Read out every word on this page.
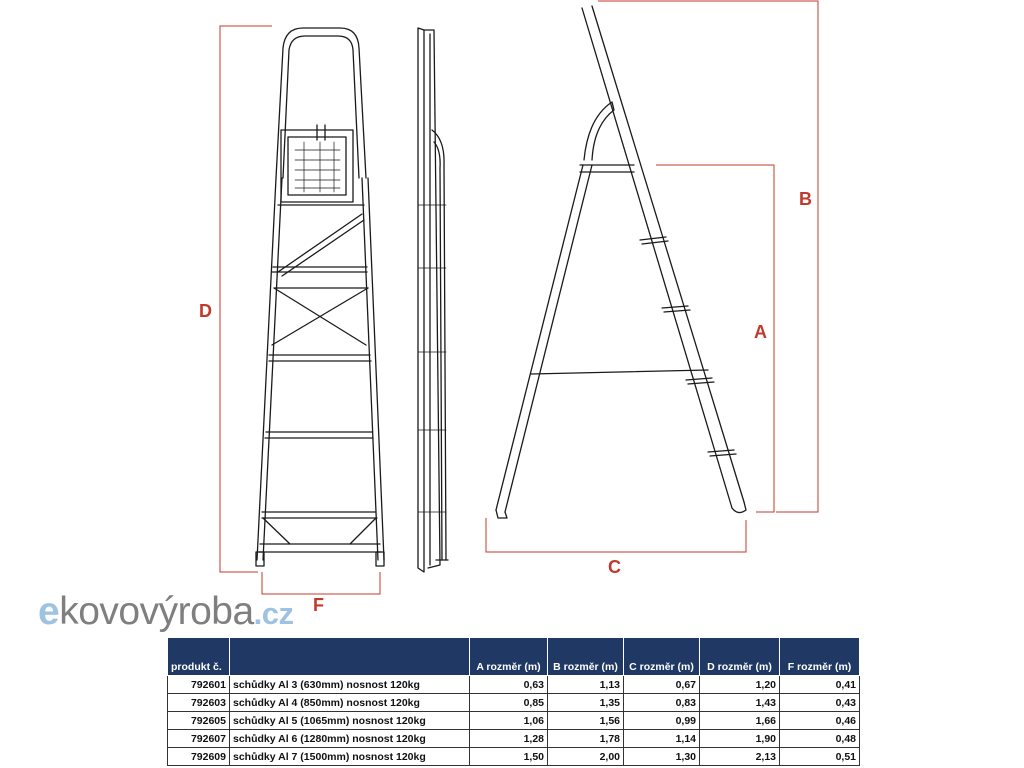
D
F
C
A
B
ekovovýroba.cz
produkt č.		A rozměr (m)	B rozměr (m)	C rozměr (m)	D rozměr (m)	F rozměr (m)
792601	schůdky Al 3 (630mm) nosnost 120kg	0,63	1,13	0,67	1,20	0,41
792603	schůdky Al 4 (850mm) nosnost 120kg	0,85	1,35	0,83	1,43	0,43
792605	schůdky Al 5 (1065mm) nosnost 120kg	1,06	1,56	0,99	1,66	0,46
792607	schůdky Al 6 (1280mm) nosnost 120kg	1,28	1,78	1,14	1,90	0,48
792609	schůdky Al 7 (1500mm) nosnost 120kg	1,50	2,00	1,30	2,13	0,51
